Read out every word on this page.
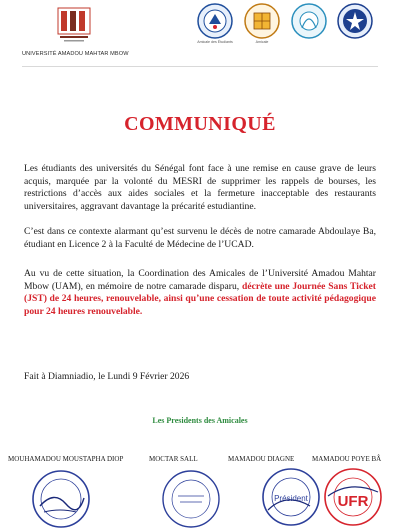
UNIVERSITÉ AMADOU MAHTAR MBOW
Amicale des Étudiants	Amicale
COMMUNIQUÉ

Les étudiants des universités du Sénégal font face à une remise en cause grave de leurs acquis, marquée par la volonté du MESRI de supprimer les rappels de bourses, les restrictions d’accès aux aides sociales et la fermeture inacceptable des restaurants universitaires, aggravant davantage la précarité estudiantine.

C’est dans ce contexte alarmant qu’est survenu le décès de notre camarade Abdoulaye Ba, étudiant en Licence 2 à la Faculté de Médecine de l’UCAD.

Au vu de cette situation, la Coordination des Amicales de l’Université Amadou Mahtar Mbow (UAM), en mémoire de notre camarade disparu, décrète une Journée Sans Ticket (JST) de 24 heures, renouvelable, ainsi qu’une cessation de toute activité pédagogique pour 24 heures renouvelable.

Fait à Diamniadio, le Lundi 9 Février 2026
Les Presidents des Amicales
MOUHAMADOU MOUSTAPHA DIOP	MOCTAR SALL	MAMADOU DIAGNE	MAMADOU POYE BÂ
Président UFR
